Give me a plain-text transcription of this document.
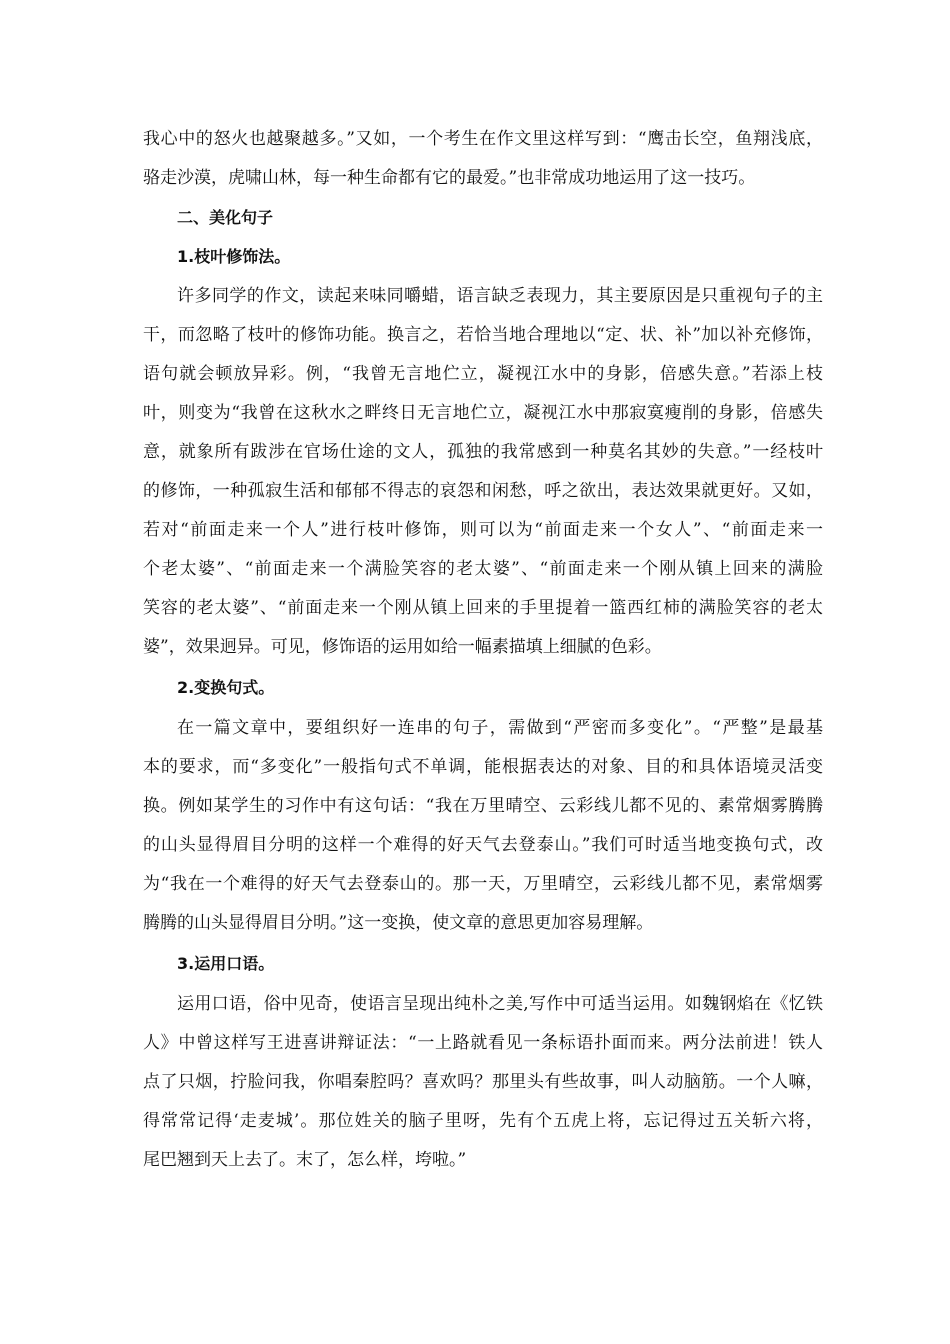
我心中的怒火也越聚越多。”又如，一个考生在作文里这样写到：“鹰击长空，鱼翔浅底，
骆走沙漠，虎啸山林，每一种生命都有它的最爱。”也非常成功地运用了这一技巧。
二、美化句子
1.枝叶修饰法。
许多同学的作文，读起来味同嚼蜡，语言缺乏表现力，其主要原因是只重视句子的主
干，而忽略了枝叶的修饰功能。换言之，若恰当地合理地以“定、状、补”加以补充修饰，
语句就会顿放异彩。例，“我曾无言地伫立，凝视江水中的身影，倍感失意。”若添上枝
叶，则变为“我曾在这秋水之畔终日无言地伫立，凝视江水中那寂寞瘦削的身影，倍感失
意，就象所有跋涉在官场仕途的文人，孤独的我常感到一种莫名其妙的失意。”一经枝叶
的修饰，一种孤寂生活和郁郁不得志的哀怨和闲愁，呼之欲出，表达效果就更好。又如，
若对“前面走来一个人”进行枝叶修饰，则可以为“前面走来一个女人”、“前面走来一
个老太婆”、“前面走来一个满脸笑容的老太婆”、“前面走来一个刚从镇上回来的满脸
笑容的老太婆”、“前面走来一个刚从镇上回来的手里提着一篮西红柿的满脸笑容的老太
婆”，效果迥异。可见，修饰语的运用如给一幅素描填上细腻的色彩。
2.变换句式。
在一篇文章中，要组织好一连串的句子，需做到“严密而多变化”。“严整”是最基
本的要求，而“多变化”一般指句式不单调，能根据表达的对象、目的和具体语境灵活变
换。例如某学生的习作中有这句话：“我在万里晴空、云彩线儿都不见的、素常烟雾腾腾
的山头显得眉目分明的这样一个难得的好天气去登泰山。”我们可时适当地变换句式，改
为“我在一个难得的好天气去登泰山的。那一天，万里晴空，云彩线儿都不见，素常烟雾
腾腾的山头显得眉目分明。”这一变换，使文章的意思更加容易理解。
3.运用口语。
运用口语，俗中见奇，使语言呈现出纯朴之美,写作中可适当运用。如魏钢焰在《忆铁
人》中曾这样写王进喜讲辩证法：“一上路就看见一条标语扑面而来。两分法前进！铁人
点了只烟，拧脸问我，你唱秦腔吗？喜欢吗？那里头有些故事，叫人动脑筋。一个人嘛，
得常常记得‘走麦城’。那位姓关的脑子里呀，先有个五虎上将，忘记得过五关斩六将，
尾巴翘到天上去了。末了，怎么样，垮啦。”
